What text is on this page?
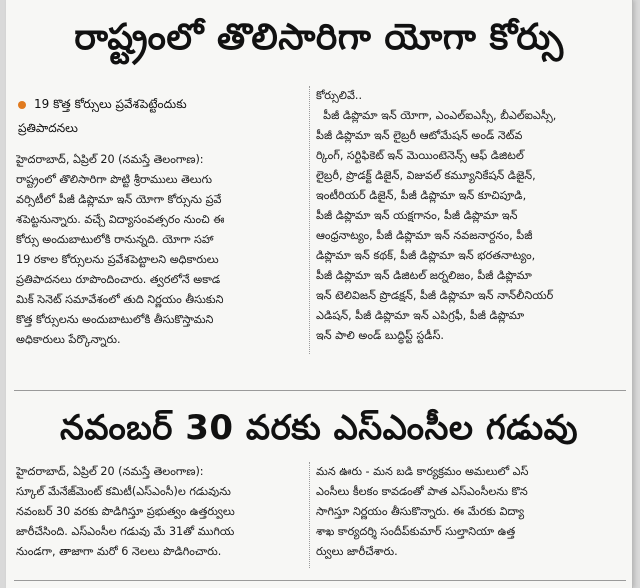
రాష్ట్రంలో తొలిసారిగా యోగా కోర్సు
19 కొత్త కోర్సులు ప్రవేశపెట్టేందుకు
ప్రతిపాదనలు
హైదరాబాద్, ఏప్రిల్ 20 (నమస్తే తెలంగాణ):
రాష్ట్రంలో తొలిసారిగా పొట్టి శ్రీరాములు తెలుగు
వర్సిటీలో పీజీ డిప్లొమా ఇన్ యోగా కోర్సును ప్రవే
శపెట్టనున్నారు. వచ్చే విద్యాసంవత్సరం నుంచి ఈ
కోర్సు అందుబాటులోకి రానున్నది. యోగా సహా
19 రకాల కోర్సులను ప్రవేశపెట్టాలని అధికారులు
ప్రతిపాదనలు రూపొందించారు. త్వరలోనే అకాడ
మిక్ సెనెట్ సమావేశంలో తుది నిర్ణయం తీసుకుని
కొత్త కోర్సులను అందుబాటులోకి తీసుకొస్తామని
అధికారులు పేర్కొన్నారు.
కోర్సులివే..
పీజీ డిప్లొమా ఇన్ యోగా, ఎంఎల్ఐఎస్సీ, బీఎల్ఐఎస్సీ,
పీజీ డిప్లొమా ఇన్ లైబ్రరీ ఆటోమేషన్ అండ్ నెట్‌వ
ర్కింగ్, సర్టిఫికెట్ ఇన్ మెయింటెనెన్స్ ఆఫ్ డిజిటల్
లైబ్రరీ, ప్రొడక్ట్ డిజైన్, విజువల్ కమ్యూనికేషన్ డిజైన్,
ఇంటీరియర్ డిజైన్, పీజీ డిప్లొమా ఇన్ కూచిపూడి,
పీజీ డిప్లొమా ఇన్ యక్షగానం, పీజీ డిప్లొమా ఇన్
ఆంధ్రనాట్యం, పీజీ డిప్లొమా ఇన్ నవజనార్దనం, పీజీ
డిప్లొమా ఇన్ కథక్, పీజీ డిప్లొమా ఇన్ భరతనాట్యం,
పీజీ డిప్లొమా ఇన్ డిజిటల్ జర్నలిజం, పీజీ డిప్లొమా
ఇన్ టెలివిజన్ ప్రొడక్షన్, పీజీ డిప్లొమా ఇన్ నాన్‌లీనియర్
ఎడిషన్, పీజీ డిప్లొమా ఇన్ ఎపిగ్రఫీ, పీజీ డిప్లొమా
ఇన్ పాలి అండ్ బుద్ధిస్ట్ స్టడీస్.
నవంబర్ 30 వరకు ఎస్ఎంసీల గడువు
హైదరాబాద్, ఏప్రిల్ 20 (నమస్తే తెలంగాణ):
స్కూల్ మేనేజ్‌మెంట్ కమిటీ(ఎస్ఎంసీ)ల గడువును
నవంబర్ 30 వరకు పొడిగిస్తూ ప్రభుత్వం ఉత్తర్వులు
జారీచేసింది. ఎస్ఎంసీల గడువు మే 31తో ముగియ
నుండగా, తాజాగా మరో 6 నెలలు పొడిగించారు.
మన ఊరు - మన బడి కార్యక్రమం అమలులో ఎస్
ఎంసీలు కీలకం కావడంతో పాత ఎస్ఎంసీలను కొన
సాగిస్తూ నిర్ణయం తీసుకొన్నారు. ఈ మేరకు విద్యా
శాఖ కార్యదర్శి సందీప్‌కుమార్ సుల్తానియా ఉత్త
ర్వులు జారీచేశారు.
